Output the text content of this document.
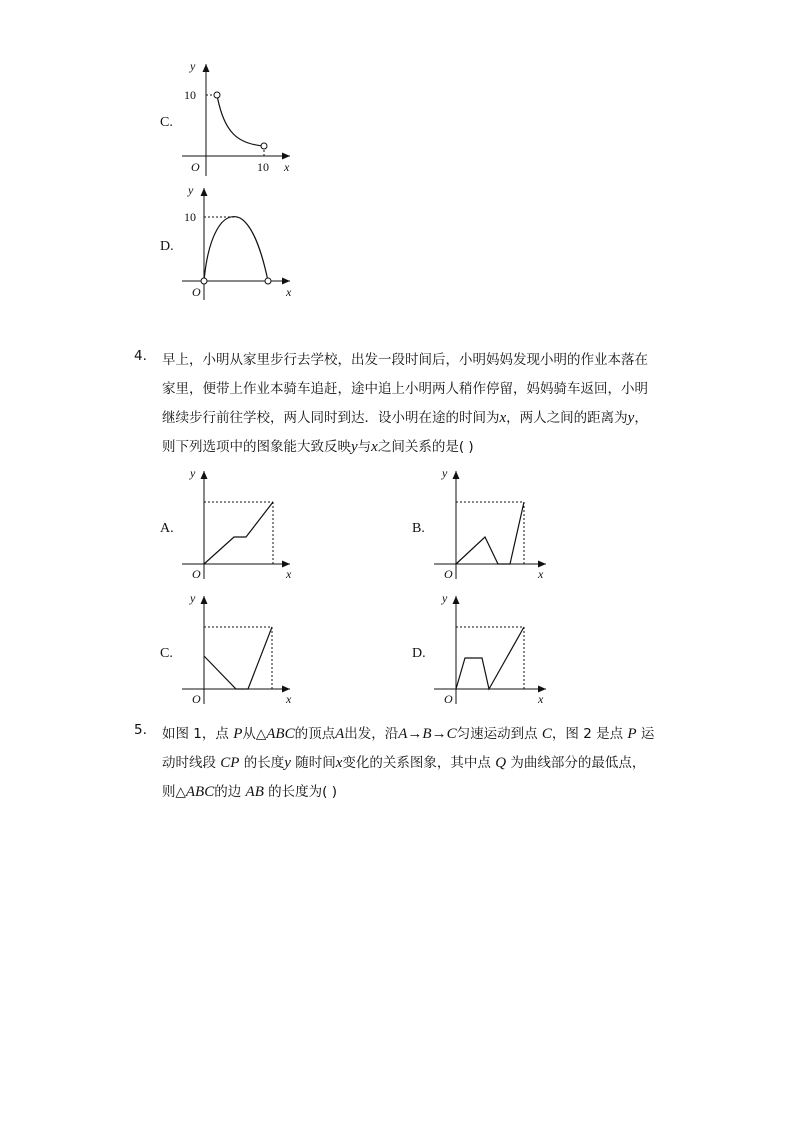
C.
y
10
O	10 x
D.
y
10
O	x
4. 早上，小明从家里步行去学校，出发一段时间后，小明妈妈发现小明的作业本落在
家里，便带上作业本骑车追赶，途中追上小明两人稍作停留，妈妈骑车返回，小明
继续步行前往学校，两人同时到达．设小明在途的时间为x，两人之间的距离为y，
则下列选项中的图象能大致反映y与x之间关系的是( )
A.
y
O	x
B.
y
O	x
C.
y
O	x
D.
y
O	x
5. 如图 1，点 P从△ABC的顶点A出发，沿A→B→C匀速运动到点 C，图 2 是点 P 运
动时线段 CP 的长度y 随时间x变化的关系图象，其中点 Q 为曲线部分的最低点，
则△ABC的边 AB 的长度为( )
